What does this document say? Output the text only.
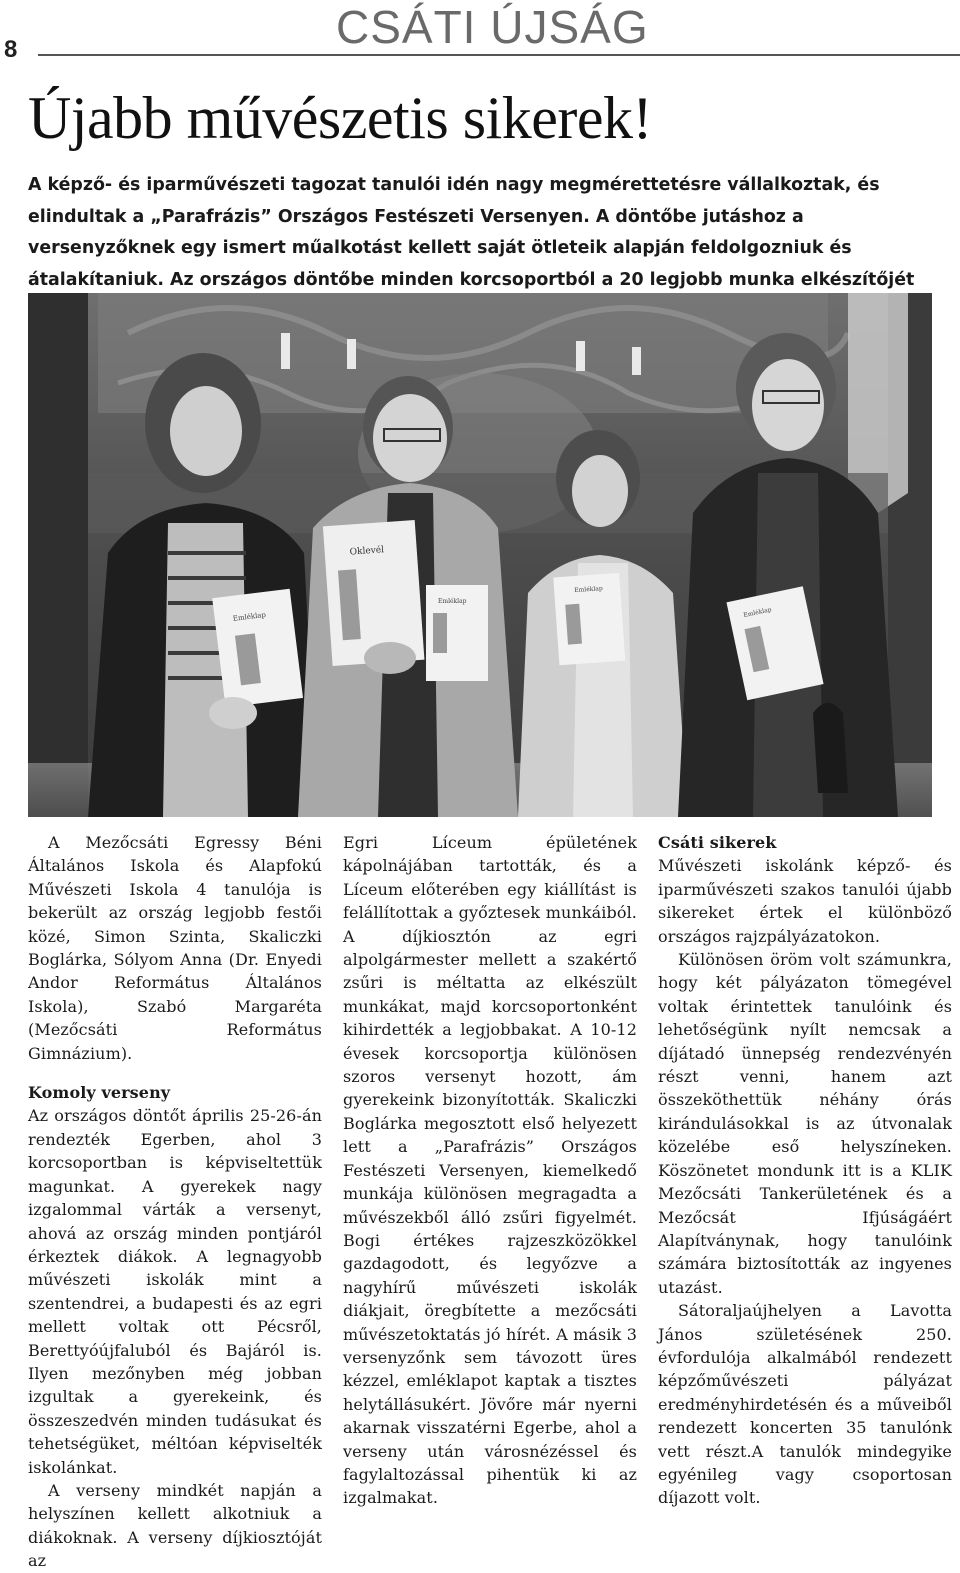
8	CSÁTI ÚJSÁG
Újabb művészetis sikerek!

A képző- és iparművészeti tagozat tanulói idén nagy megmérettetésre vállalkoztak, és elindultak a „Parafrázis” Országos Festészeti Versenyen. A döntőbe jutáshoz a versenyzőknek egy ismert műalkotást kellett saját ötleteik alapján feldolgozniuk és átalakítaniuk. Az országos döntőbe minden korcsoportból a 20 legjobb munka elkészítőjét

Emléklap
Oklevél
Emléklap
Emléklap
Emléklap

A Mezőcsáti Egressy Béni Általános Iskola és Alapfokú Művészeti Iskola 4 tanulója is bekerült az ország legjobb festői közé, Simon Szinta, Skaliczki Boglárka, Sólyom Anna (Dr. Enyedi Andor Református Általános Iskola), Szabó Margaréta (Mezőcsáti Református Gimnázium).

Komoly verseny

Az országos döntőt április 25-26-án rendezték Egerben, ahol 3 korcsoportban is képviseltettük magunkat. A gyerekek nagy izgalommal várták a versenyt, ahová az ország minden pontjáról érkeztek diákok. A legnagyobb művészeti iskolák mint a szentendrei, a budapesti és az egri mellett voltak ott Pécsről, Berettyóújfaluból és Bajáról is. Ilyen mezőnyben még jobban izgultak a gyerekeink, és összeszedvén minden tudásukat és tehetségüket, méltóan képviselték iskolánkat.

A verseny mindkét napján a helyszínen kellett alkotniuk a diákoknak. A verseny díjkiosztóját az

Egri Líceum épületének kápolnájában tartották, és a Líceum előterében egy kiállítást is felállítottak a győztesek munkáiból. A díjkiosztón az egri alpolgármester mellett a szakértő zsűri is méltatta az elkészült munkákat, majd korcsoportonként kihirdették a legjobbakat. A 10-12 évesek korcsoportja különösen szoros versenyt hozott, ám gyerekeink bizonyították. Skaliczki Boglárka megosztott első helyezett lett a „Parafrázis” Országos Festészeti Versenyen, kiemelkedő munkája különösen megragadta a művészekből álló zsűri figyelmét. Bogi értékes rajzeszközökkel gazdagodott, és legyőzve a nagyhírű művészeti iskolák diákjait, öregbítette a mezőcsáti művészetoktatás jó hírét. A másik 3 versenyzőnk sem távozott üres kézzel, emléklapot kaptak a tisztes helytállásukért. Jövőre már nyerni akarnak visszatérni Egerbe, ahol a verseny után városnézéssel és fagylaltozással pihentük ki az izgalmakat.

Csáti sikerek

Művészeti iskolánk képző- és iparművészeti szakos tanulói újabb sikereket értek el különböző országos rajzpályázatokon.

Különösen öröm volt számunkra, hogy két pályázaton tömegével voltak érintettek tanulóink és lehetőségünk nyílt nemcsak a díjátadó ünnepség rendezvényén részt venni, hanem azt összeköthettük néhány órás kirándulásokkal is az útvonalak közelébe eső helyszíneken. Köszönetet mondunk itt is a KLIK Mezőcsáti Tankerületének és a Mezőcsát Ifjúságáért Alapítványnak, hogy tanulóink számára biztosították az ingyenes utazást.

Sátoraljaújhelyen a Lavotta János születésének 250. évfordulója alkalmából rendezett képzőművészeti pályázat eredményhirdetésén és a műveiből rendezett koncerten 35 tanulónk vett részt.A tanulók mindegyike egyénileg vagy csoportosan díjazott volt.
